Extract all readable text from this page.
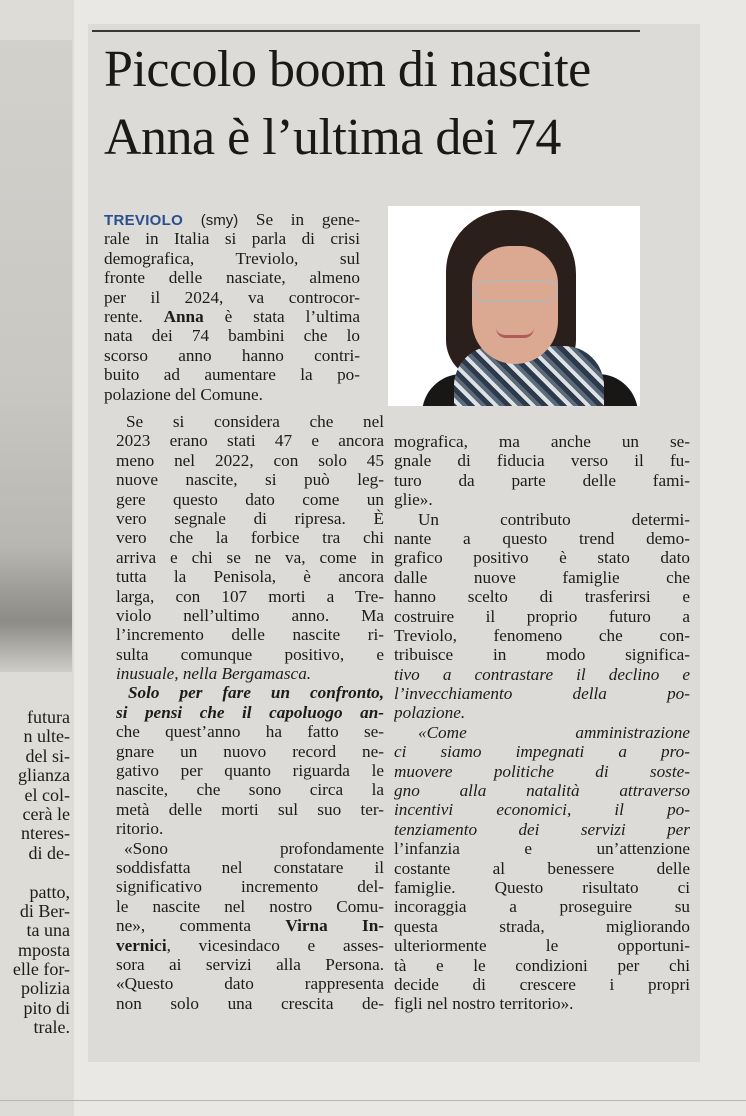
futura
n ulte-
del si-
glianza
el col-
cerà le
nteres-
di de-
patto,
di Ber-
ta una
mposta
elle for-
polizia
pito di
trale.
Piccolo boom di nascite
Anna è l’ultima dei 74
TREVIOLO (smy) Se in gene-
rale in Italia si parla di crisi
demografica, Treviolo, sul
fronte delle nasciate, almeno
per il 2024, va controcor-
rente. Anna è stata l’ultima
nata dei 74 bambini che lo
scorso anno hanno contri-
buito ad aumentare la po-
polazione del Comune.
Se si considera che nel
2023 erano stati 47 e ancora
meno nel 2022, con solo 45
nuove nascite, si può leg-
gere questo dato come un
vero segnale di ripresa. È
vero che la forbice tra chi
arriva e chi se ne va, come in
tutta la Penisola, è ancora
larga, con 107 morti a Tre-
violo nell’ultimo anno. Ma
l’incremento delle nascite ri-
sulta comunque positivo, e
inusuale, nella Bergamasca.
Solo per fare un confronto,
si pensi che il capoluogo an-
che quest’anno ha fatto se-
gnare un nuovo record ne-
gativo per quanto riguarda le
nascite, che sono circa la
metà delle morti sul suo ter-
ritorio.
«Sono profondamente
soddisfatta nel constatare il
significativo incremento del-
le nascite nel nostro Comu-
ne», commenta Virna In-
vernici, vicesindaco e asses-
sora ai servizi alla Persona.
«Questo dato rappresenta
non solo una crescita de-
mografica, ma anche un se-
gnale di fiducia verso il fu-
turo da parte delle fami-
glie».
Un contributo determi-
nante a questo trend demo-
grafico positivo è stato dato
dalle nuove famiglie che
hanno scelto di trasferirsi e
costruire il proprio futuro a
Treviolo, fenomeno che con-
tribuisce in modo significa-
tivo a contrastare il declino e
l’invecchiamento della po-
polazione.
«Come amministrazione
ci siamo impegnati a pro-
muovere politiche di soste-
gno alla natalità attraverso
incentivi economici, il po-
tenziamento dei servizi per
l’infanzia e un’attenzione
costante al benessere delle
famiglie. Questo risultato ci
incoraggia a proseguire su
questa strada, migliorando
ulteriormente le opportuni-
tà e le condizioni per chi
decide di crescere i propri
figli nel nostro territorio».
